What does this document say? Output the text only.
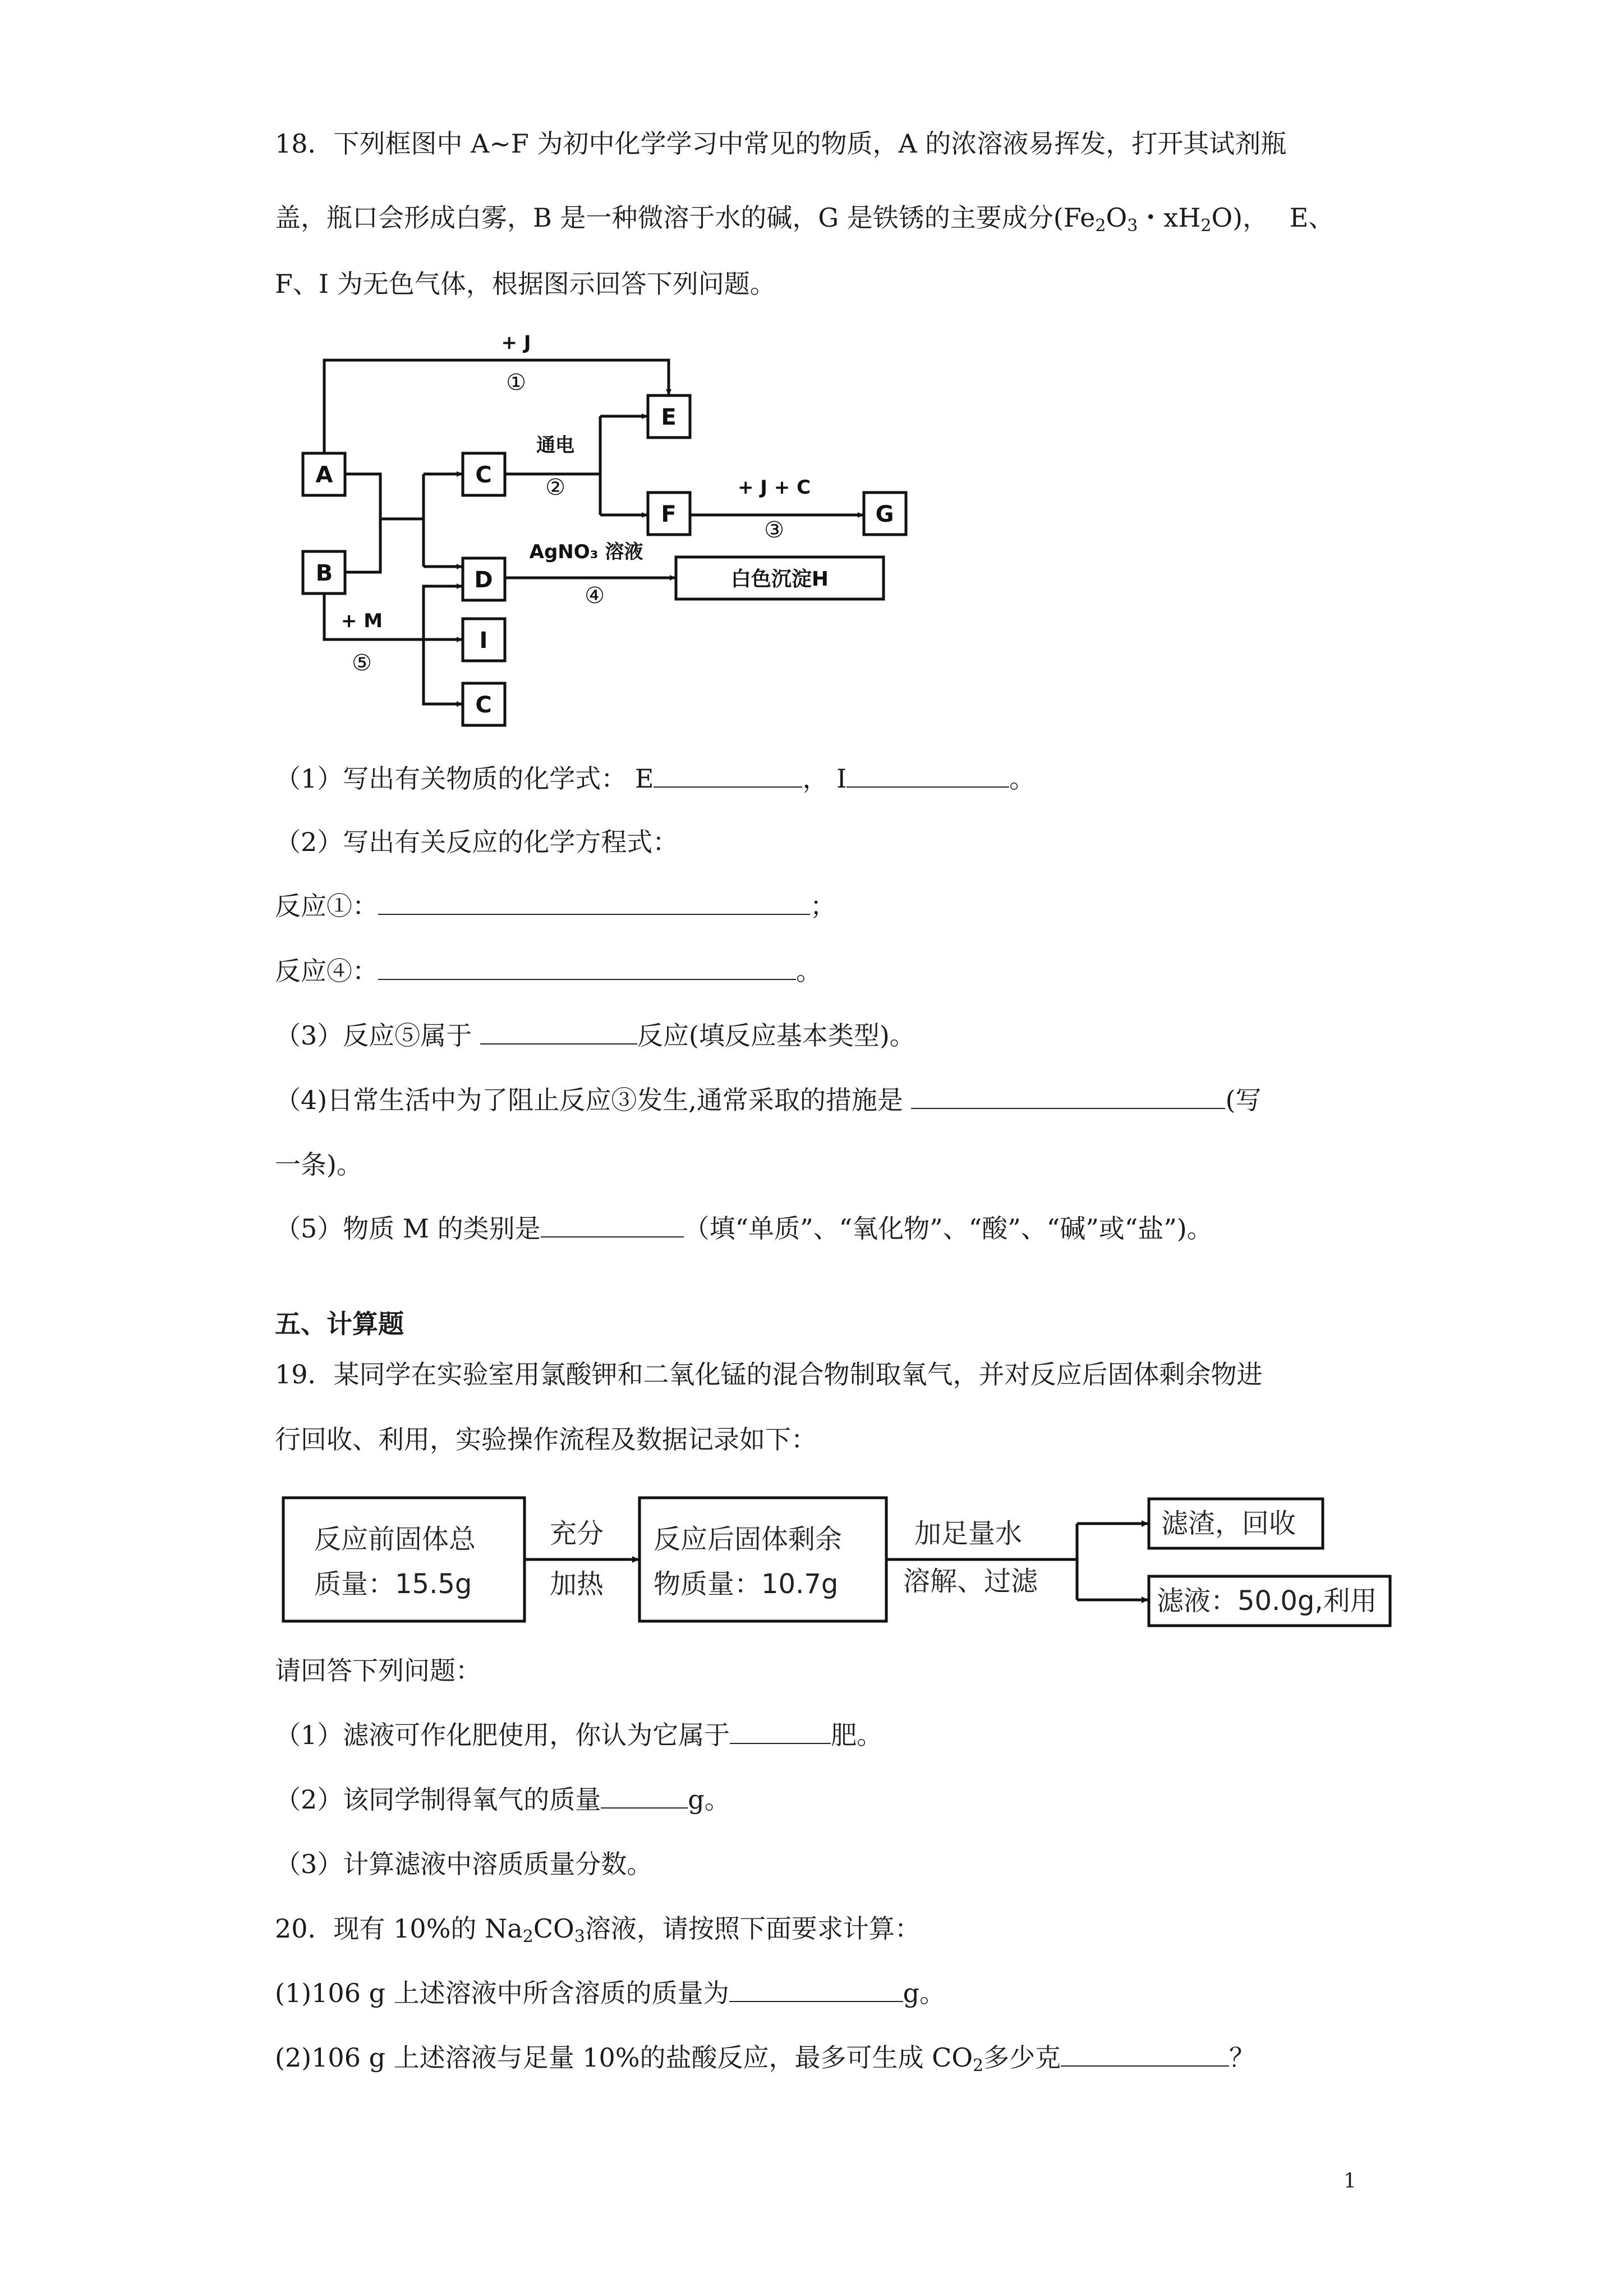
18．下列框图中 A~F 为初中化学学习中常见的物质，A 的浓溶液易挥发，打开其试剂瓶
盖，瓶口会形成白雾，B 是一种微溶于水的碱，G 是铁锈的主要成分($Fe_2O_3$・$xH_2O$)，　 E、
F、I 为无色气体，根据图示回答下列问题。
A
B
C
D
E
F	G
白色沉淀H
I
C
+ J
①
通电
②	+ J + C
③
AgNO₃ 溶液
④
+ M
⑤
（1）写出有关物质的化学式： E	， I	。
（2）写出有关反应的化学方程式：
反应①：	；
反应④：	。
（3）反应⑤属于	反应(填反应基本类型)。
（4)日常生活中为了阻止反应③发生,通常采取的措施是	(写
一条)。
（5）物质 M 的类别是	（填“单质”、“氧化物”、“酸”、“碱”或“盐”)。
五、计算题
19．某同学在实验室用氯酸钾和二氧化锰的混合物制取氧气，并对反应后固体剩余物进
行回收、利用，实验操作流程及数据记录如下：
反应前固体总
质量：15.5g
充分
加热
反应后固体剩余
物质量：10.7g
加足量水
溶解、过滤
滤渣，回收
滤液：50.0g,利用
请回答下列问题：
（1）滤液可作化肥使用，你认为它属于	肥。
（2）该同学制得氧气的质量	g。
（3）计算滤液中溶质质量分数。
20．现有 10%的 $Na_2CO_3$溶液，请按照下面要求计算：
(1)106 g 上述溶液中所含溶质的质量为	g。
(2)106 g 上述溶液与足量 10%的盐酸反应，最多可生成 $CO_2$多少克	？
1
